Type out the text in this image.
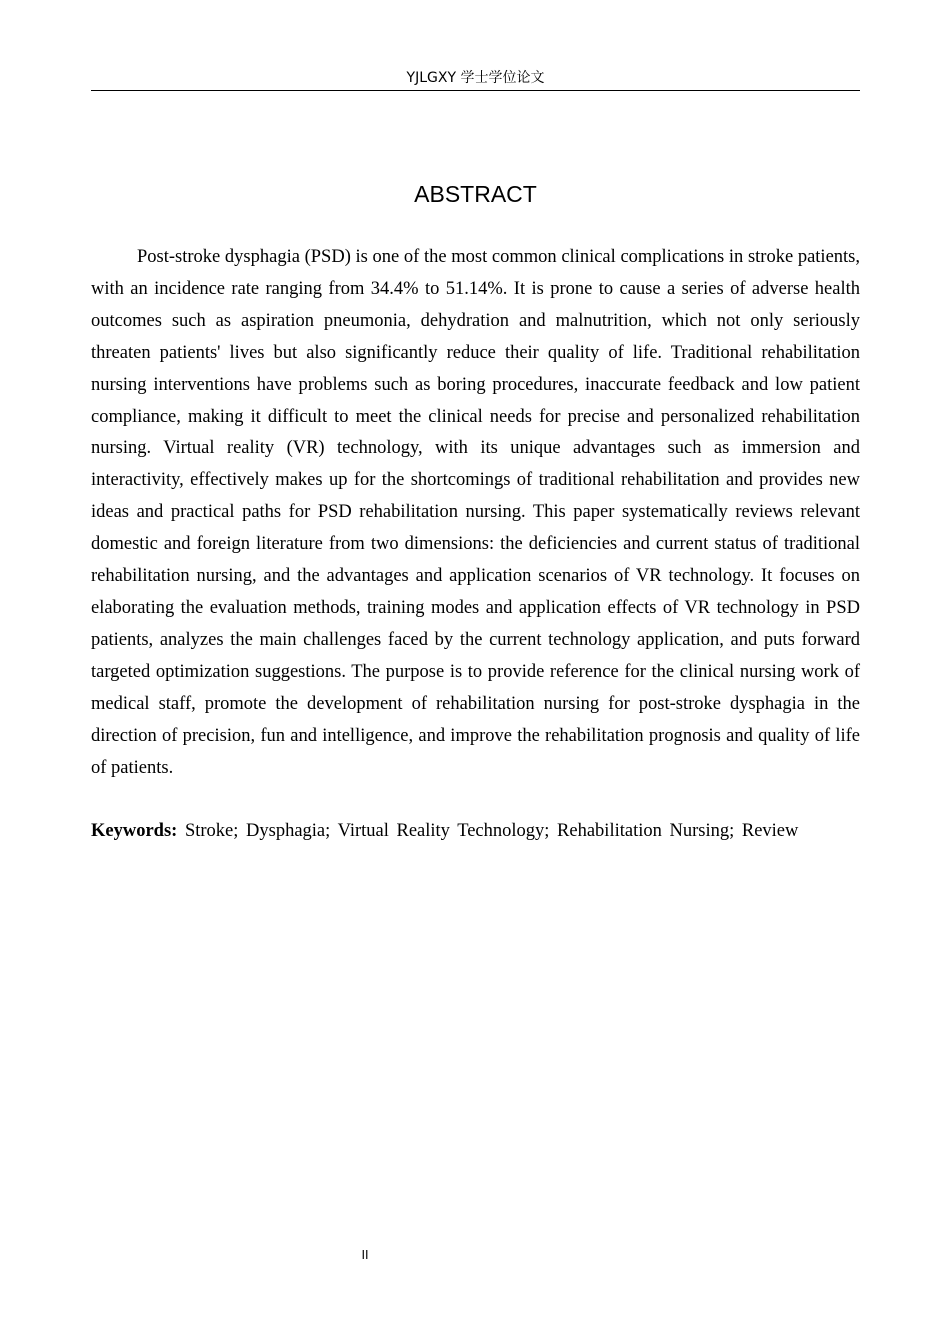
YJLGXY 学士学位论文
ABSTRACT

Post-stroke dysphagia (PSD) is one of the most common clinical complications in stroke patients, with an incidence rate ranging from 34.4% to 51.14%. It is prone to cause a series of adverse health outcomes such as aspiration pneumonia, dehydration and malnutrition, which not only seriously threaten patients' lives but also significantly reduce their quality of life. Traditional rehabilitation nursing interventions have problems such as boring procedures, inaccurate feedback and low patient compliance, making it difficult to meet the clinical needs for precise and personalized rehabilitation nursing. Virtual reality (VR) technology, with its unique advantages such as immersion and interactivity, effectively makes up for the shortcomings of traditional rehabilitation and provides new ideas and practical paths for PSD rehabilitation nursing. This paper systematically reviews relevant domestic and foreign literature from two dimensions: the deficiencies and current status of traditional rehabilitation nursing, and the advantages and application scenarios of VR technology. It focuses on elaborating the evaluation methods, training modes and application effects of VR technology in PSD patients, analyzes the main challenges faced by the current technology application, and puts forward targeted optimization suggestions. The purpose is to provide reference for the clinical nursing work of medical staff, promote the development of rehabilitation nursing for post-stroke dysphagia in the direction of precision, fun and intelligence, and improve the rehabilitation prognosis and quality of life of patients.

Keywords: Stroke; Dysphagia; Virtual Reality Technology; Rehabilitation Nursing; Review

II
